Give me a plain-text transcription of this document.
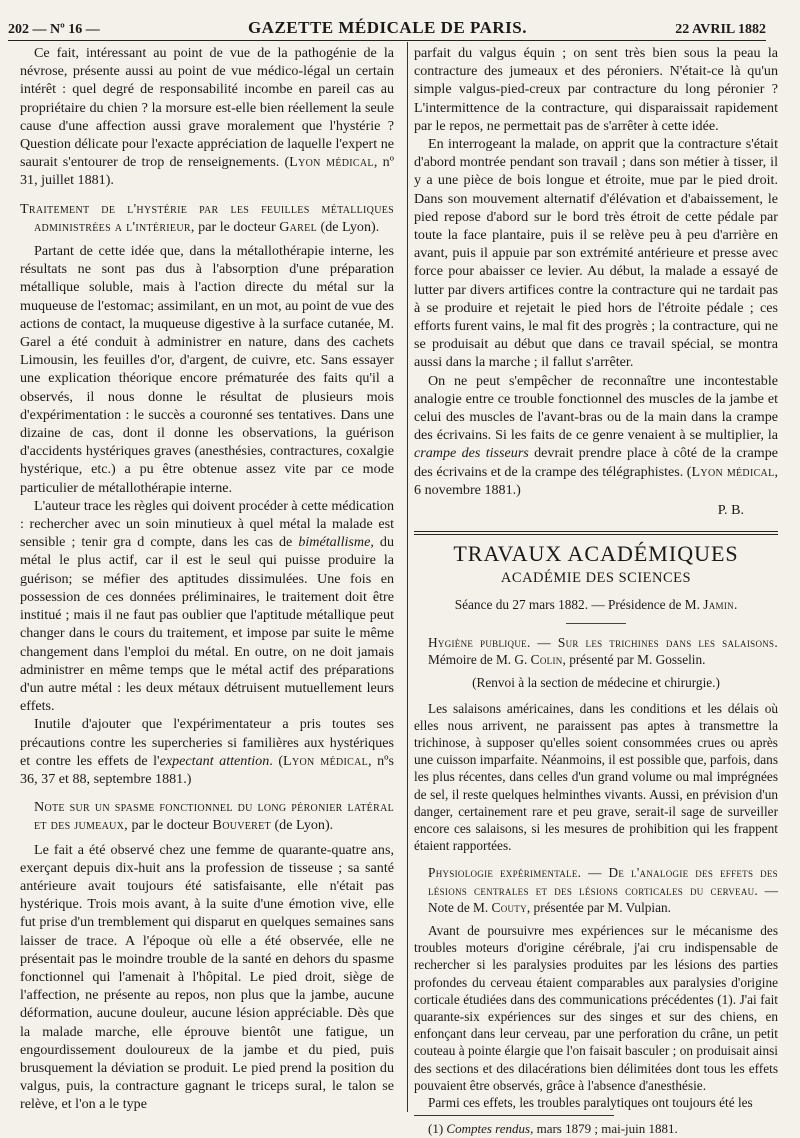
202 — Nº 16 —	GAZETTE MÉDICALE DE PARIS.	22 AVRIL 1882

Ce fait, intéressant au point de vue de la pathogénie de la névrose, présente aussi au point de vue médico-légal un certain intérêt : quel degré de responsabilité incombe en pareil cas au propriétaire du chien ? la morsure est-elle bien réellement la seule cause d'une affection aussi grave moralement que l'hystérie ? Question délicate pour l'exacte appréciation de laquelle l'expert ne saurait s'entourer de trop de renseignements. (Lyon médical, nº 31, juillet 1881).

Traitement de l'hystérie par les feuilles métalliques administrées a l'intérieur, par le docteur Garel (de Lyon).

Partant de cette idée que, dans la métallothérapie interne, les résultats ne sont pas dus à l'absorption d'une préparation métallique soluble, mais à l'action directe du métal sur la muqueuse de l'estomac; assimilant, en un mot, au point de vue des actions de contact, la muqueuse digestive à la surface cutanée, M. Garel a été conduit à administrer en nature, dans des cachets Limousin, les feuilles d'or, d'argent, de cuivre, etc. Sans essayer une explication théorique encore prématurée des faits qu'il a observés, il nous donne le résultat de plusieurs mois d'expérimentation : le succès a couronné ses tentatives. Dans une dizaine de cas, dont il donne les observations, la guérison d'accidents hystériques graves (anesthésies, contractures, coxalgie hystérique, etc.) a pu être obtenue assez vite par ce mode particulier de métallothérapie interne.

L'auteur trace les règles qui doivent procéder à cette médication : rechercher avec un soin minutieux à quel métal la malade est sensible ; tenir gra d compte, dans les cas de bimétallisme, du métal le plus actif, car il est le seul qui puisse produire la guérison; se méfier des aptitudes dissimulées. Une fois en possession de ces données préliminaires, le traitement doit être institué ; mais il ne faut pas oublier que l'aptitude métallique peut changer dans le cours du traitement, et impose par suite le même changement dans l'emploi du métal. En outre, on ne doit jamais administrer en même temps que le métal actif des préparations d'un autre métal : les deux métaux détruisent mutuellement leurs effets.

Inutile d'ajouter que l'expérimentateur a pris toutes ses précautions contre les supercheries si familières aux hystériques et contre les effets de l'expectant attention. (Lyon médical, nºs 36, 37 et 88, septembre 1881.)

Note sur un spasme fonctionnel du long péronier latéral et des jumeaux, par le docteur Bouveret (de Lyon).

Le fait a été observé chez une femme de quarante-quatre ans, exerçant depuis dix-huit ans la profession de tisseuse ; sa santé antérieure avait toujours été satisfaisante, elle n'était pas hystérique. Trois mois avant, à la suite d'une émotion vive, elle fut prise d'un tremblement qui disparut en quelques semaines sans laisser de trace. A l'époque où elle a été observée, elle ne présentait pas le moindre trouble de la santé en dehors du spasme fonctionnel qui l'amenait à l'hôpital. Le pied droit, siège de l'affection, ne présente au repos, non plus que la jambe, aucune déformation, aucune douleur, aucune lésion appréciable. Dès que la malade marche, elle éprouve bientôt une fatigue, un engourdissement douloureux de la jambe et du pied, puis brusquement la déviation se produit. Le pied prend la position du valgus, puis, la contracture gagnant le triceps sural, le talon se relève, et l'on a le type

parfait du valgus équin ; on sent très bien sous la peau la contracture des jumeaux et des péroniers. N'était-ce là qu'un simple valgus-pied-creux par contracture du long péronier ? L'intermittence de la contracture, qui disparaissait rapidement par le repos, ne permettait pas de s'arrêter à cette idée.

En interrogeant la malade, on apprit que la contracture s'était d'abord montrée pendant son travail ; dans son métier à tisser, il y a une pièce de bois longue et étroite, mue par le pied droit. Dans son mouvement alternatif d'élévation et d'abaissement, le pied repose d'abord sur le bord très étroit de cette pédale par toute la face plantaire, puis il se relève peu à peu d'arrière en avant, puis il appuie par son extrémité antérieure et presse avec force pour abaisser ce levier. Au début, la malade a essayé de lutter par divers artifices contre la contracture qui ne tardait pas à se produire et rejetait le pied hors de l'étroite pédale ; ces efforts furent vains, le mal fit des progrès ; la contracture, qui ne se produisait au début que dans ce travail spécial, se montra aussi dans la marche ; il fallut s'arrêter.

On ne peut s'empêcher de reconnaître une incontestable analogie entre ce trouble fonctionnel des muscles de la jambe et celui des muscles de l'avant-bras ou de la main dans la crampe des écrivains. Si les faits de ce genre venaient à se multiplier, la crampe des tisseurs devrait prendre place à côté de la crampe des écrivains et de la crampe des télégraphistes. (Lyon médical, 6 novembre 1881.)

P. B.

TRAVAUX ACADÉMIQUES
ACADÉMIE DES SCIENCES
Séance du 27 mars 1882. — Présidence de M. Jamin.

Hygiène publique. — Sur les trichines dans les salaisons. Mémoire de M. G. Colin, présenté par M. Gosselin.

(Renvoi à la section de médecine et chirurgie.)

Les salaisons américaines, dans les conditions et les délais où elles nous arrivent, ne paraissent pas aptes à transmettre la trichinose, à supposer qu'elles soient consommées crues ou après une cuisson imparfaite. Néanmoins, il est possible que, parfois, dans les plus récentes, dans celles d'un grand volume ou mal imprégnées de sel, il reste quelques helminthes vivants. Aussi, en prévision d'un danger, certainement rare et peu grave, serait-il sage de surveiller encore ces salaisons, si les mesures de prohibition qui les frappent étaient rapportées.

Physiologie expérimentale. — De l'analogie des effets des lésions centrales et des lésions corticales du cerveau. — Note de M. Couty, présentée par M. Vulpian.

Avant de poursuivre mes expériences sur le mécanisme des troubles moteurs d'origine cérébrale, j'ai cru indispensable de rechercher si les paralysies produites par les lésions des parties profondes du cerveau étaient comparables aux paralysies d'origine corticale étudiées dans des communications précédentes (1). J'ai fait quarante-six expériences sur des singes et sur des chiens, en enfonçant dans leur cerveau, par une perforation du crâne, un petit couteau à pointe élargie que l'on faisait basculer ; on produisait ainsi des sections et des dilacérations bien délimitées dont tous les effets pouvaient être observés, grâce à l'absence d'anesthésie.

Parmi ces effets, les troubles paralytiques ont toujours été les

(1) Comptes rendus, mars 1879 ; mai-juin 1881.
